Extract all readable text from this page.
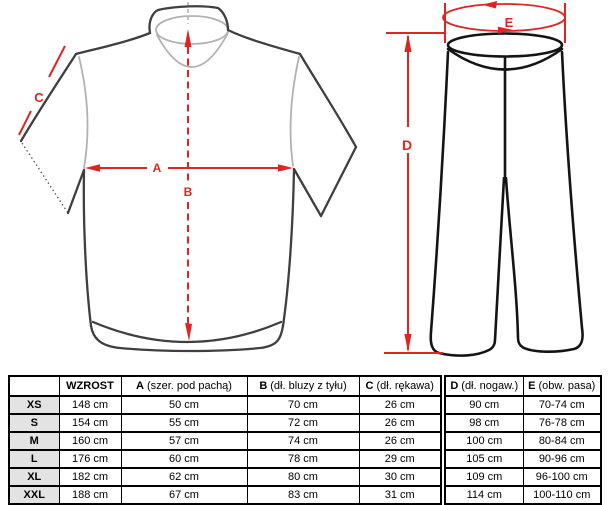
C
A
B
E
D
	WZROST	A (szer. pod pachą)	B (dł. bluzy z tyłu)	C (dł. rękawa)	D (dł. nogaw.)	E (obw. pasa)
XS	148 cm	50 cm	70 cm	26 cm	90 cm	70-74 cm
S	154 cm	55 cm	72 cm	26 cm	98 cm	76-78 cm
M	160 cm	57 cm	74 cm	26 cm	100 cm	80-84 cm
L	176 cm	60 cm	78 cm	29 cm	105 cm	90-96 cm
XL	182 cm	62 cm	80 cm	30 cm	109 cm	96-100 cm
XXL	188 cm	67 cm	83 cm	31 cm	114 cm	100-110 cm
